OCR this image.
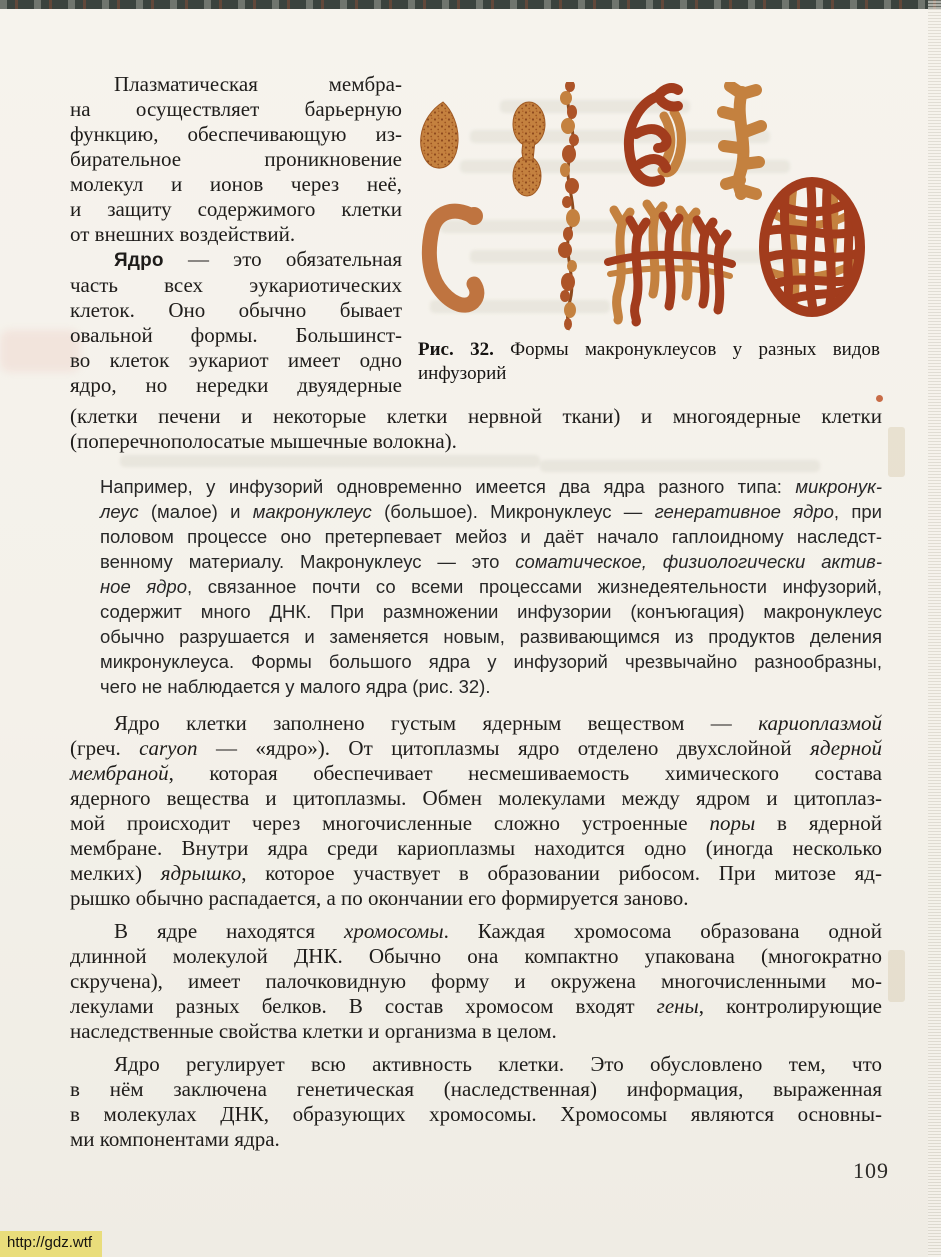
Плазматическая мембра-
на осуществляет барьерную
функцию, обеспечивающую из-
бирательное проникновение
молекул и ионов через неё,
и защиту содержимого клетки
от внешних воздействий.
Ядро — это обязательная
часть всех эукариотических
клеток. Оно обычно бывает
овальной формы. Большинст-
во клеток эукариот имеет одно
ядро, но нередки двуядерные

Рис. 32. Формы макронуклеусов у разных видов инфузорий

(клетки печени и некоторые клетки нервной ткани) и многоядерные клетки
(поперечнополосатые мышечные волокна).
Например, у инфузорий одновременно имеется два ядра разного типа: микронук-
леус (малое) и макронуклеус (большое). Микронуклеус — генеративное ядро, при
половом процессе оно претерпевает мейоз и даёт начало гаплоидному наследст-
венному материалу. Макронуклеус — это соматическое, физиологически актив-
ное ядро, связанное почти со всеми процессами жизнедеятельности инфузорий,
содержит много ДНК. При размножении инфузории (конъюгация) макронуклеус
обычно разрушается и заменяется новым, развивающимся из продуктов деления
микронуклеуса. Формы большого ядра у инфузорий чрезвычайно разнообразны,
чего не наблюдается у малого ядра (рис. 32).
Ядро клетки заполнено густым ядерным веществом — кариоплазмой
(греч. caryon — «ядро»). От цитоплазмы ядро отделено двухслойной ядерной
мембраной, которая обеспечивает несмешиваемость химического состава
ядерного вещества и цитоплазмы. Обмен молекулами между ядром и цитоплаз-
мой происходит через многочисленные сложно устроенные поры в ядерной
мембране. Внутри ядра среди кариоплазмы находится одно (иногда несколько
мелких) ядрышко, которое участвует в образовании рибосом. При митозе яд-
рышко обычно распадается, а по окончании его формируется заново.
В ядре находятся хромосомы. Каждая хромосома образована одной
длинной молекулой ДНК. Обычно она компактно упакована (многократно
скручена), имеет палочковидную форму и окружена многочисленными мо-
лекулами разных белков. В состав хромосом входят гены, контролирующие
наследственные свойства клетки и организма в целом.
Ядро регулирует всю активность клетки. Это обусловлено тем, что
в нём заключена генетическая (наследственная) информация, выраженная
в молекулах ДНК, образующих хромосомы. Хромосомы являются основны-
ми компонентами ядра.
109
http://gdz.wtf
